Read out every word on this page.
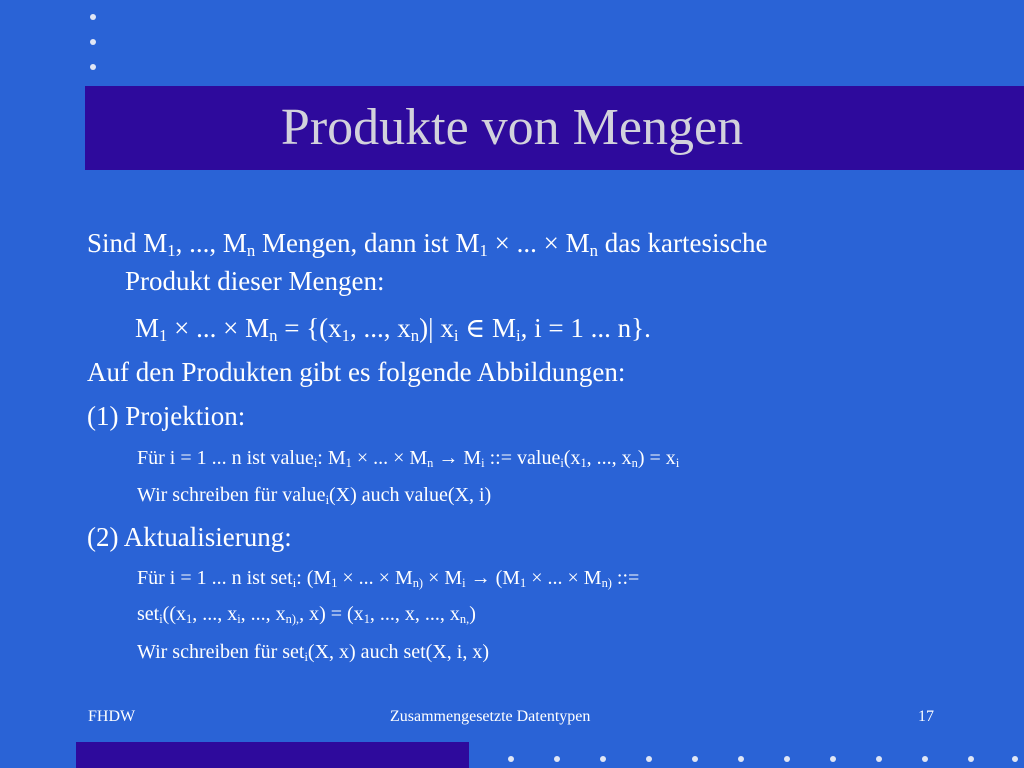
Produkte von Mengen
Sind $M_1$, ..., $M_n$ Mengen, dann ist $M_1$ × ... × $M_n$ das kartesische
Produkt dieser Mengen:
$M_1$ × ... × $M_n = \{(x_1$, ..., $x_n)|$ $x_i$ ∈ $M_i$, i = 1 ... n}.
Auf den Produkten gibt es folgende Abbildungen:
(1) Projektion:
Für i = 1 ... n ist value$_i$: $M_1$ × ... × $M_n \to M_i$ ::= $value_i(x_1$, ..., $x_n) = x_i$
Wir schreiben für value$_i$(X) auch value(X, i)
(2) Aktualisierung:
Für i = 1 ... n ist set$_i$: ($M_1$ × ... × $M_{n)} \times M_i \to (M_1$ × ... × $M_{n)}$ ::=
$set_i((x_1$, ..., $x_i$, ..., $x_{n),}$, $x) = (x_1$, ..., x, ..., $x_{n,}$)
Wir schreiben für set$_i$(X, x) auch set(X, i, x)
FHDW	Zusammengesetzte Datentypen	17
